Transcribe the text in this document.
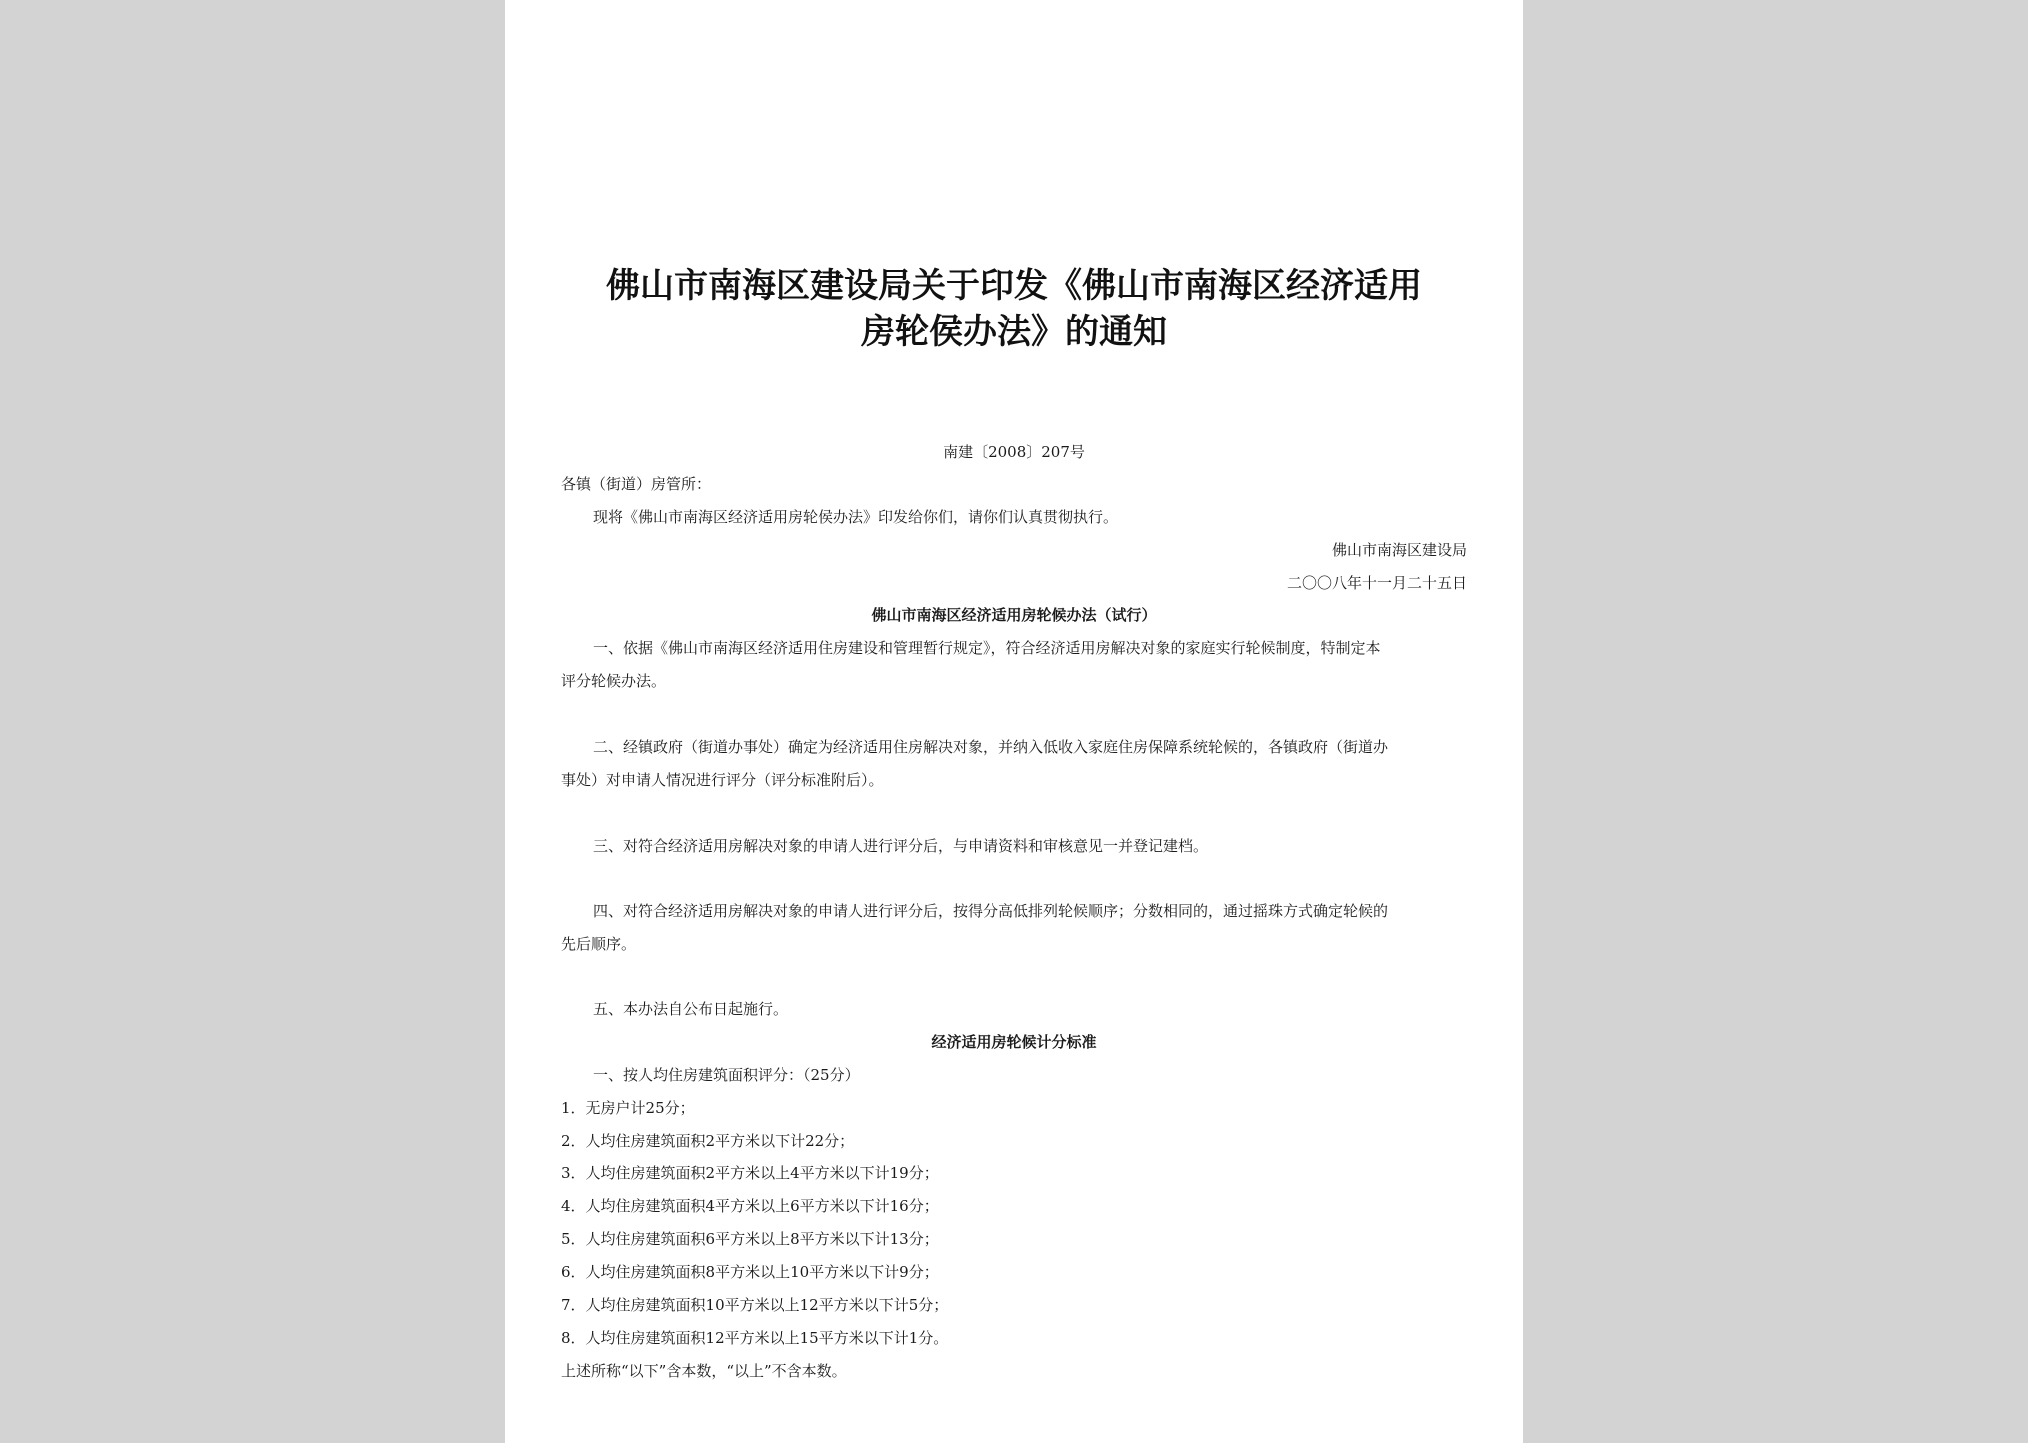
佛山市南海区建设局关于印发《佛山市南海区经济适用
房轮侯办法》的通知
南建〔2008〕207号
各镇（街道）房管所：
现将《佛山市南海区经济适用房轮侯办法》印发给你们，请你们认真贯彻执行。
佛山市南海区建设局
二〇〇八年十一月二十五日
佛山市南海区经济适用房轮候办法（试行）
一、依据《佛山市南海区经济适用住房建设和管理暂行规定》，符合经济适用房解决对象的家庭实行轮候制度，特制定本
评分轮候办法。
二、经镇政府（街道办事处）确定为经济适用住房解决对象，并纳入低收入家庭住房保障系统轮候的，各镇政府（街道办
事处）对申请人情况进行评分（评分标准附后）。
三、对符合经济适用房解决对象的申请人进行评分后，与申请资料和审核意见一并登记建档。
四、对符合经济适用房解决对象的申请人进行评分后，按得分高低排列轮候顺序；分数相同的，通过摇珠方式确定轮候的
先后顺序。
五、本办法自公布日起施行。
经济适用房轮候计分标准
一、按人均住房建筑面积评分：（25分）
1．无房户计25分；
2．人均住房建筑面积2平方米以下计22分；
3．人均住房建筑面积2平方米以上4平方米以下计19分；
4．人均住房建筑面积4平方米以上6平方米以下计16分；
5．人均住房建筑面积6平方米以上8平方米以下计13分；
6．人均住房建筑面积8平方米以上10平方米以下计9分；
7．人均住房建筑面积10平方米以上12平方米以下计5分；
8．人均住房建筑面积12平方米以上15平方米以下计1分。
上述所称“以下”含本数，“以上”不含本数。
